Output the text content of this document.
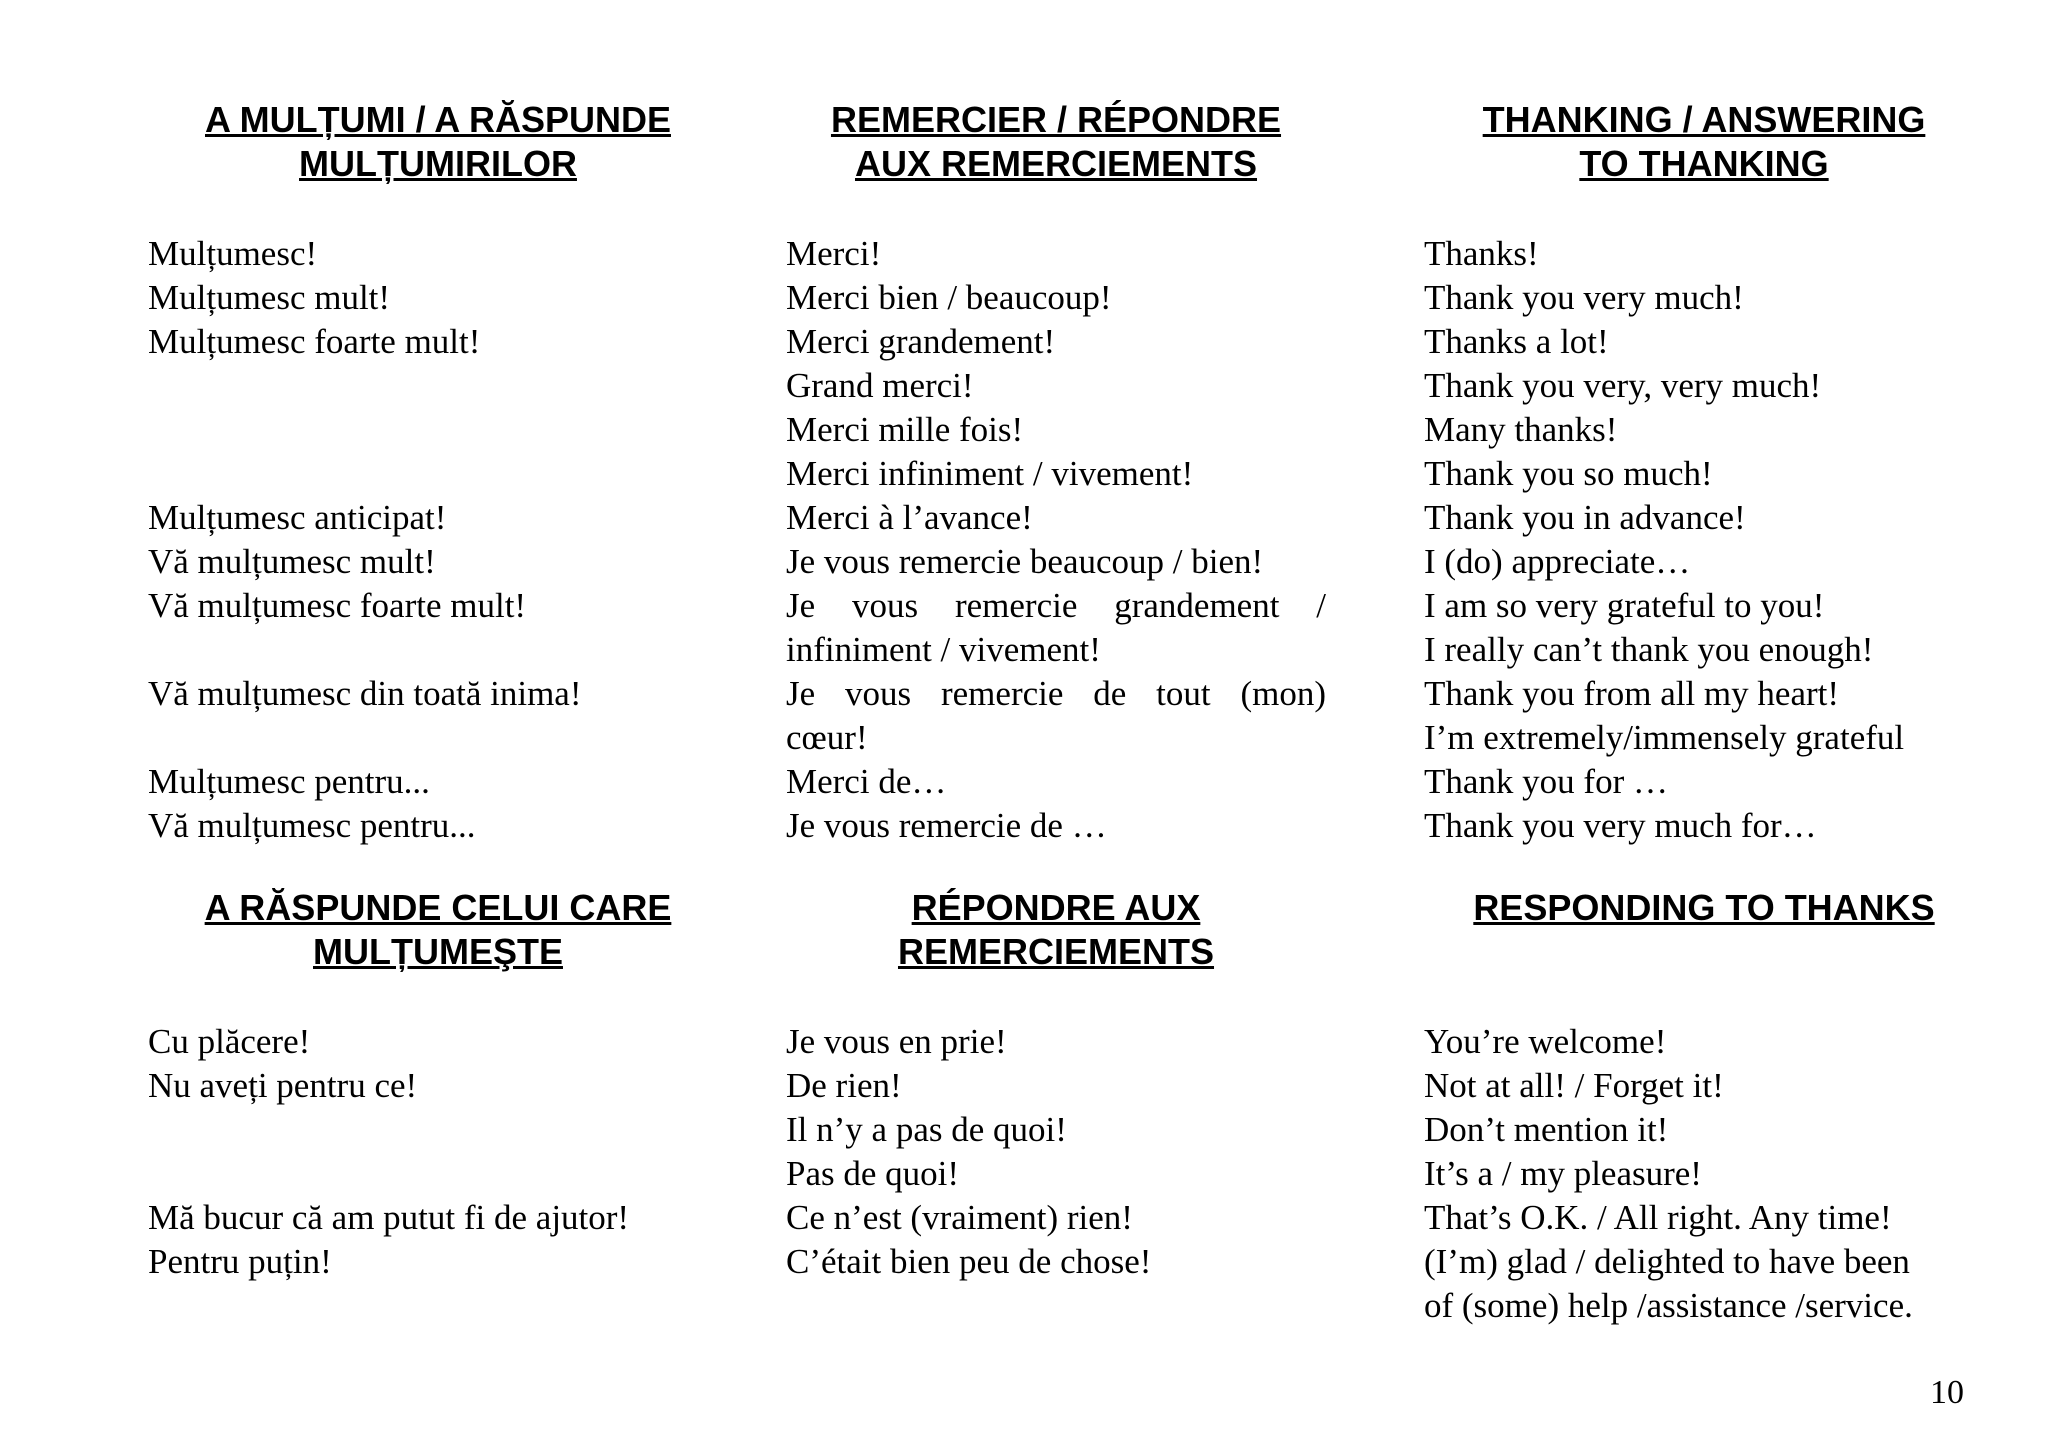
A MULȚUMI / A RĂSPUNDE
MULȚUMIRILOR
Mulțumesc!
Mulțumesc mult!
Mulțumesc foarte mult!
Mulțumesc anticipat!
Vă mulțumesc mult!
Vă mulțumesc foarte mult!
Vă mulțumesc din toată inima!
Mulțumesc pentru...
Vă mulțumesc pentru...
REMERCIER / RÉPONDRE
AUX REMERCIEMENTS
Merci!
Merci bien / beaucoup!
Merci grandement!
Grand merci!
Merci mille fois!
Merci infiniment / vivement!
Merci à l’avance!
Je vous remercie beaucoup / bien!
Je vous remercie grandement /
infiniment / vivement!
Je vous remercie de tout (mon)
cœur!
Merci de…
Je vous remercie de …
THANKING / ANSWERING
TO THANKING
Thanks!
Thank you very much!
Thanks a lot!
Thank you very, very much!
Many thanks!
Thank you so much!
Thank you in advance!
I (do) appreciate…
I am so very grateful to you!
I really can’t thank you enough!
Thank you from all my heart!
I’m extremely/immensely grateful
Thank you for …
Thank you very much for…
A RĂSPUNDE CELUI CARE
MULȚUMEŞTE
Cu plăcere!
Nu aveți pentru ce!
Mă bucur că am putut fi de ajutor!
Pentru puțin!
RÉPONDRE AUX
REMERCIEMENTS
Je vous en prie!
De rien!
Il n’y a pas de quoi!
Pas de quoi!
Ce n’est (vraiment) rien!
C’était bien peu de chose!
RESPONDING TO THANKS
You’re welcome!
Not at all! / Forget it!
Don’t mention it!
It’s a / my pleasure!
That’s O.K. / All right. Any time!
(I’m) glad / delighted to have been
of (some) help /assistance /service.
10
